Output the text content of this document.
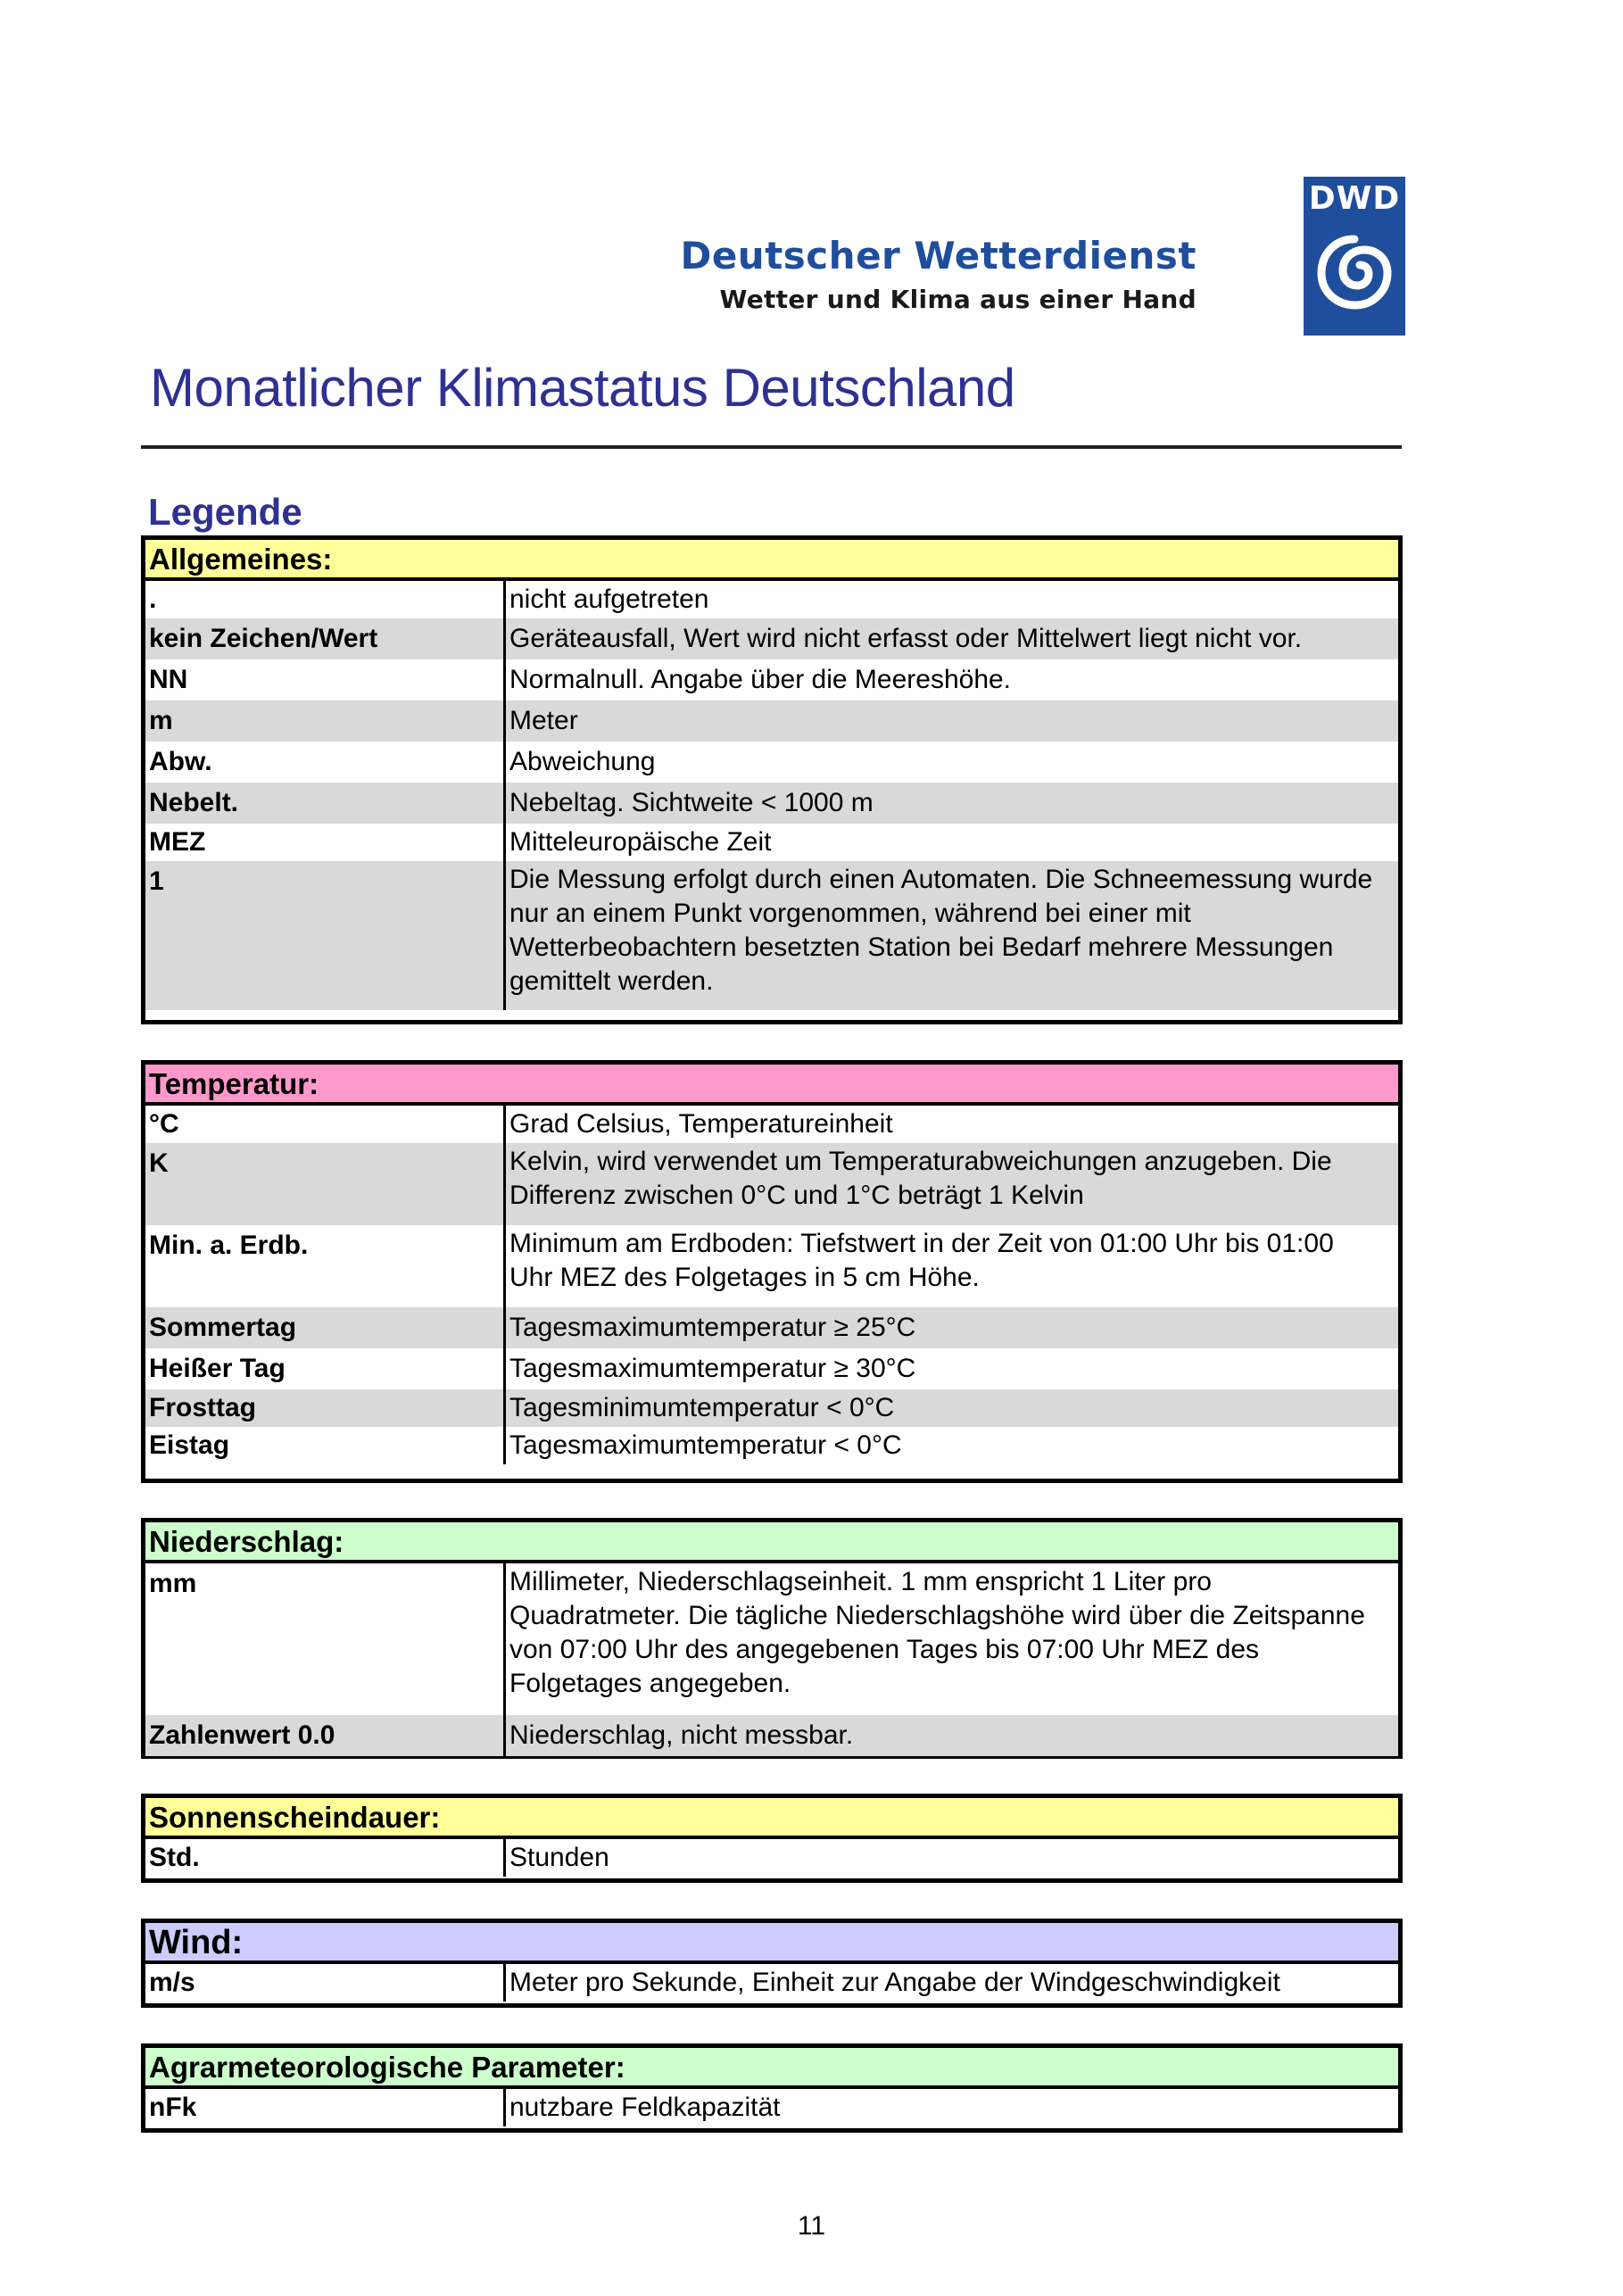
Deutscher Wetterdienst
Wetter und Klima aus einer Hand
DWD
Monatlicher Klimastatus Deutschland
Legende
Allgemeines:
.	nicht aufgetreten
kein Zeichen/Wert	Geräteausfall, Wert wird nicht erfasst oder Mittelwert liegt nicht vor.
NN	Normalnull. Angabe über die Meereshöhe.
m	Meter
Abw.	Abweichung
Nebelt.	Nebeltag. Sichtweite < 1000 m
MEZ	Mitteleuropäische Zeit
1	Die Messung erfolgt durch einen Automaten. Die Schneemessung wurde
nur an einem Punkt vorgenommen, während bei einer mit
Wetterbeobachtern besetzten Station bei Bedarf mehrere Messungen
gemittelt werden.
Temperatur:
°C	Grad Celsius, Temperatureinheit
K	Kelvin, wird verwendet um Temperaturabweichungen anzugeben. Die
Differenz zwischen 0°C und 1°C beträgt 1 Kelvin
Min. a. Erdb.	Minimum am Erdboden: Tiefstwert in der Zeit von 01:00 Uhr bis 01:00
Uhr MEZ des Folgetages in 5 cm Höhe.
Sommertag	Tagesmaximumtemperatur ≥ 25°C
Heißer Tag	Tagesmaximumtemperatur ≥ 30°C
Frosttag	Tagesminimumtemperatur < 0°C
Eistag	Tagesmaximumtemperatur < 0°C
Niederschlag:
mm	Millimeter, Niederschlagseinheit. 1 mm enspricht 1 Liter pro
Quadratmeter. Die tägliche Niederschlagshöhe wird über die Zeitspanne
von 07:00 Uhr des angegebenen Tages bis 07:00 Uhr MEZ des
Folgetages angegeben.
Zahlenwert 0.0	Niederschlag, nicht messbar.
Sonnenscheindauer:
Std.	Stunden
Wind:
m/s	Meter pro Sekunde, Einheit zur Angabe der Windgeschwindigkeit
Agrarmeteorologische Parameter:
nFk	nutzbare Feldkapazität
11
